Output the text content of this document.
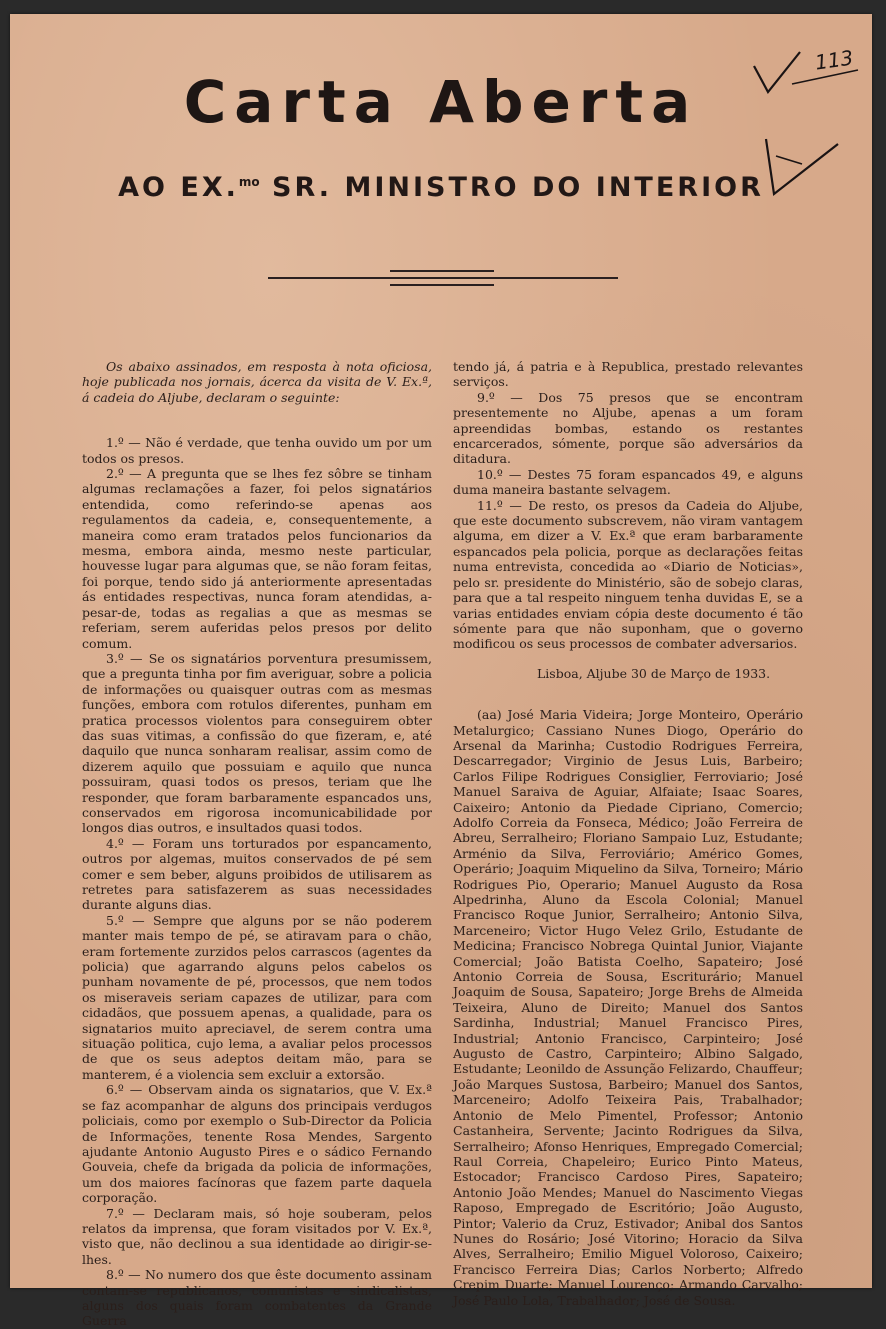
Carta Aberta
AO EX.$^{mo}$ SR. MINISTRO DO INTERIOR
113

Os abaixo assinados, em resposta à nota oficiosa, hoje publicada nos jornais, ácerca da visita de V. Ex.ª, á cadeia do Aljube, declaram o seguinte:

1.º — Não é verdade, que tenha ouvido um por um todos os presos.

2.º — A pregunta que se lhes fez sôbre se tinham algumas reclamações a fazer, foi pelos signatários entendida, como referindo-se apenas aos regulamentos da cadeia, e, consequentemente, a maneira como eram tratados pelos funcionarios da mesma, embora ainda, mesmo neste particular, houvesse lugar para algumas que, se não foram feitas, foi porque, tendo sido já anteriormente apresentadas ás entidades respectivas, nunca foram atendidas, a-pesar-de, todas as regalias a que as mesmas se referiam, serem auferidas pelos presos por delito comum.

3.º — Se os signatários porventura presumissem, que a pregunta tinha por fim averiguar, sobre a policia de informações ou quaisquer outras com as mesmas funções, embora com rotulos diferentes, punham em pratica processos violentos para conseguirem obter das suas vitimas, a confissão do que fizeram, e, até daquilo que nunca sonharam realisar, assim como de dizerem aquilo que possuiam e aquilo que nunca possuiram, quasi todos os presos, teriam que lhe responder, que foram barbaramente espancados uns, conservados em rigorosa incomunicabilidade por longos dias outros, e insultados quasi todos.

4.º — Foram uns torturados por espancamento, outros por algemas, muitos conservados de pé sem comer e sem beber, alguns proibidos de utilisarem as retretes para satisfazerem as suas necessidades durante alguns dias.

5.º — Sempre que alguns por se não poderem manter mais tempo de pé, se atiravam para o chão, eram fortemente zurzidos pelos carrascos (agentes da policia) que agarrando alguns pelos cabelos os punham novamente de pé, processos, que nem todos os miseraveis seriam capazes de utilizar, para com cidadãos, que possuem apenas, a qualidade, para os signatarios muito apreciavel, de serem contra uma situação politica, cujo lema, a avaliar pelos processos de que os seus adeptos deitam mão, para se manterem, é a violencia sem excluir a extorsão.

6.º — Observam ainda os signatarios, que V. Ex.ª se faz acompanhar de alguns dos principais verdugos policiais, como por exemplo o Sub-Director da Policia de Informações, tenente Rosa Mendes, Sargento ajudante Antonio Augusto Pires e o sádico Fernando Gouveia, chefe da brigada da policia de informações, um dos maiores facínoras que fazem parte daquela corporação.

7.º — Declaram mais, só hoje souberam, pelos relatos da imprensa, que foram visitados por V. Ex.ª, visto que, não declinou a sua identidade ao dirigir-se-lhes.

8.º — No numero dos que êste documento assinam contam-se republicanos, comunistas e sindicalistas, alguns dos quais foram combatentes da Grande Guerra

tendo já, á patria e à Republica, prestado relevantes serviços.

9.º — Dos 75 presos que se encontram presentemente no Aljube, apenas a um foram apreendidas bombas, estando os restantes encarcerados, sómente, porque são adversários da ditadura.

10.º — Destes 75 foram espancados 49, e alguns duma maneira bastante selvagem.

11.º — De resto, os presos da Cadeia do Aljube, que este documento subscrevem, não viram vantagem alguma, em dizer a V. Ex.ª que eram barbaramente espancados pela policia, porque as declarações feitas numa entrevista, concedida ao «Diario de Noticias», pelo sr. presidente do Ministério, são de sobejo claras, para que a tal respeito ninguem tenha duvidas E, se a varias entidades enviam cópia deste documento é tão sómente para que não suponham, que o governo modificou os seus processos de combater adversarios.

Lisboa, Aljube 30 de Março de 1933.

(aa) José Maria Videira; Jorge Monteiro, Operário Metalurgico; Cassiano Nunes Diogo, Operário do Arsenal da Marinha; Custodio Rodrigues Ferreira, Descarregador; Virginio de Jesus Luis, Barbeiro; Carlos Filipe Rodrigues Consiglier, Ferroviario; José Manuel Saraiva de Aguiar, Alfaiate; Isaac Soares, Caixeiro; Antonio da Piedade Cipriano, Comercio; Adolfo Correia da Fonseca, Médico; João Ferreira de Abreu, Serralheiro; Floriano Sampaio Luz, Estudante; Arménio da Silva, Ferroviário; Américo Gomes, Operário; Joaquim Miquelino da Silva, Torneiro; Mário Rodrigues Pio, Operario; Manuel Augusto da Rosa Alpedrinha, Aluno da Escola Colonial; Manuel Francisco Roque Junior, Serralheiro; Antonio Silva, Marceneiro; Victor Hugo Velez Grilo, Estudante de Medicina; Francisco Nobrega Quintal Junior, Viajante Comercial; João Batista Coelho, Sapateiro; José Antonio Correia de Sousa, Escriturário; Manuel Joaquim de Sousa, Sapateiro; Jorge Brehs de Almeida Teixeira, Aluno de Direito; Manuel dos Santos Sardinha, Industrial; Manuel Francisco Pires, Industrial; Antonio Francisco, Carpinteiro; José Augusto de Castro, Carpinteiro; Albino Salgado, Estudante; Leonildo de Assunção Felizardo, Chauffeur; João Marques Sustosa, Barbeiro; Manuel dos Santos, Marceneiro; Adolfo Teixeira Pais, Trabalhador; Antonio de Melo Pimentel, Professor; Antonio Castanheira, Servente; Jacinto Rodrigues da Silva, Serralheiro; Afonso Henriques, Empregado Comercial; Raul Correia, Chapeleiro; Eurico Pinto Mateus, Estocador; Francisco Cardoso Pires, Sapateiro; Antonio João Mendes; Manuel do Nascimento Viegas Raposo, Empregado de Escritório; João Augusto, Pintor; Valerio da Cruz, Estivador; Anibal dos Santos Nunes do Rosário; José Vitorino; Horacio da Silva Alves, Serralheiro; Emilio Miguel Voloroso, Caixeiro; Francisco Ferreira Dias; Carlos Norberto; Alfredo Crepim Duarte; Manuel Lourenço; Armando Carvalho; José Paulo Lola, Trabalhador; José de Sousa.
